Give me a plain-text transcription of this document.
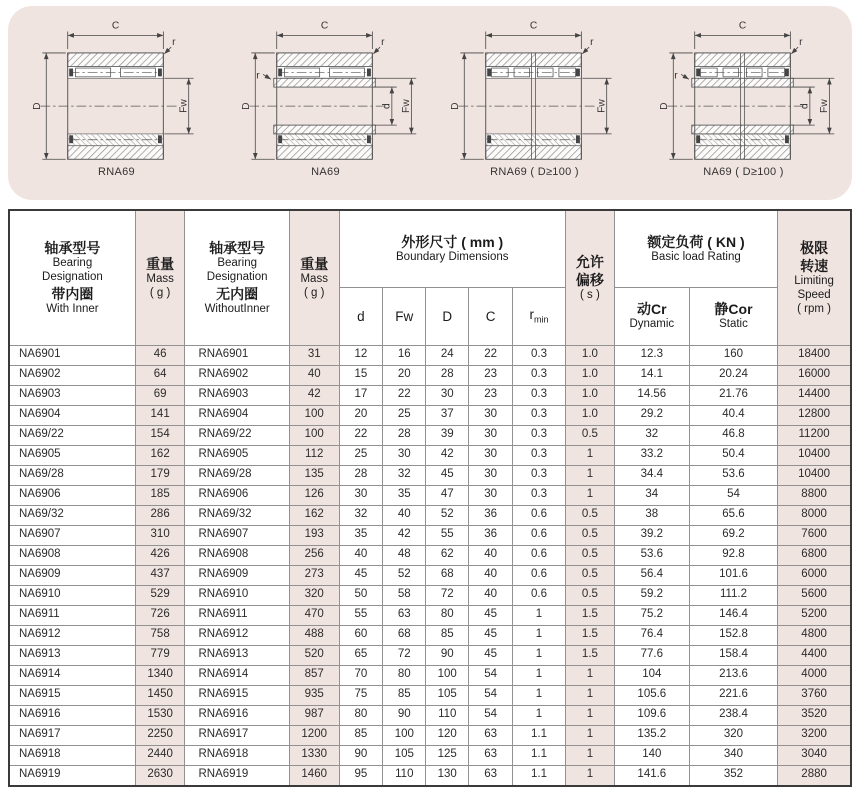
C
r
D	Fw
RNA69
C
r
r
D	Fw
d
NA69
C
r
D	Fw
RNA69 ( D≥100 )
C
r
r
D	Fw
d
NA69 ( D≥100 )
轴承型号
Bearing
Designation
带内圈
With Inner

重量
Mass
( g )

轴承型号
Bearing
Designation
无内圈
WithoutInner

重量
Mass
( g )

外形尺寸 ( mm )
Boundary Dimensions	允许
偏移
( s )

额定负荷 ( KN )
Basic load Rating

极限
转速
Limiting
Speed
( rpm )

d	Fw	D	C	$r_{min}$	
动Cr
Dynamic

静Cor
Static

NA6901	46	RNA6901	31	12	16	24	22	0.3	1.0	12.3	160	18400
NA6902	64	RNA6902	40	15	20	28	23	0.3	1.0	14.1	20.24	16000
NA6903	69	RNA6903	42	17	22	30	23	0.3	1.0	14.56	21.76	14400
NA6904	141	RNA6904	100	20	25	37	30	0.3	1.0	29.2	40.4	12800
NA69/22	154	RNA69/22	100	22	28	39	30	0.3	0.5	32	46.8	11200
NA6905	162	RNA6905	112	25	30	42	30	0.3	1	33.2	50.4	10400
NA69/28	179	RNA69/28	135	28	32	45	30	0.3	1	34.4	53.6	10400
NA6906	185	RNA6906	126	30	35	47	30	0.3	1	34	54	8800
NA69/32	286	RNA69/32	162	32	40	52	36	0.6	0.5	38	65.6	8000
NA6907	310	RNA6907	193	35	42	55	36	0.6	0.5	39.2	69.2	7600
NA6908	426	RNA6908	256	40	48	62	40	0.6	0.5	53.6	92.8	6800
NA6909	437	RNA6909	273	45	52	68	40	0.6	0.5	56.4	101.6	6000
NA6910	529	RNA6910	320	50	58	72	40	0.6	0.5	59.2	111.2	5600
NA6911	726	RNA6911	470	55	63	80	45	1	1.5	75.2	146.4	5200
NA6912	758	RNA6912	488	60	68	85	45	1	1.5	76.4	152.8	4800
NA6913	779	RNA6913	520	65	72	90	45	1	1.5	77.6	158.4	4400
NA6914	1340	RNA6914	857	70	80	100	54	1	1	104	213.6	4000
NA6915	1450	RNA6915	935	75	85	105	54	1	1	105.6	221.6	3760
NA6916	1530	RNA6916	987	80	90	110	54	1	1	109.6	238.4	3520
NA6917	2250	RNA6917	1200	85	100	120	63	1.1	1	135.2	320	3200
NA6918	2440	RNA6918	1330	90	105	125	63	1.1	1	140	340	3040
NA6919	2630	RNA6919	1460	95	110	130	63	1.1	1	141.6	352	2880
